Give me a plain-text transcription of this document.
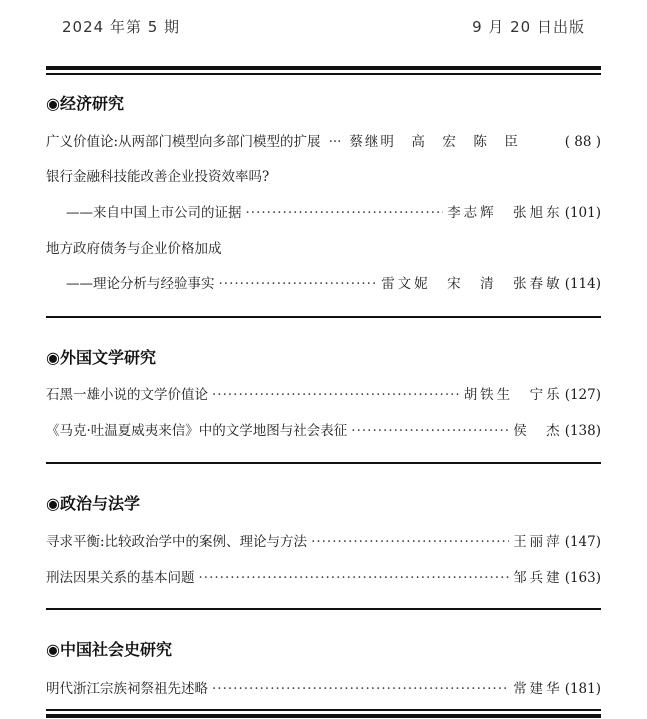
2024 年第 5 期	9 月 20 日出版
◉经济研究
广义价值论:从两部门模型向多部门模型的扩展 ··· 蔡继明　高　宏　陈　臣	( 88 )
银行金融科技能改善企业投资效率吗?
——来自中国上市公司的证据 ·····	李志辉　张旭东 (101)
地方政府债务与企业价格加成
——理论分析与经验事实 ·····	雷文妮　宋　清　张春敏 (114)
◉外国文学研究
石黑一雄小说的文学价值论 ·····	胡铁生　宁乐 (127)
《马克·吐温夏威夷来信》中的文学地图与社会表征 ·····	侯　杰 (138)
◉政治与法学
寻求平衡:比较政治学中的案例、理论与方法 ·····	王丽萍 (147)
刑法因果关系的基本问题 ·····	邹兵建 (163)
◉中国社会史研究
明代浙江宗族祠祭祖先述略 ·····	常建华 (181)
